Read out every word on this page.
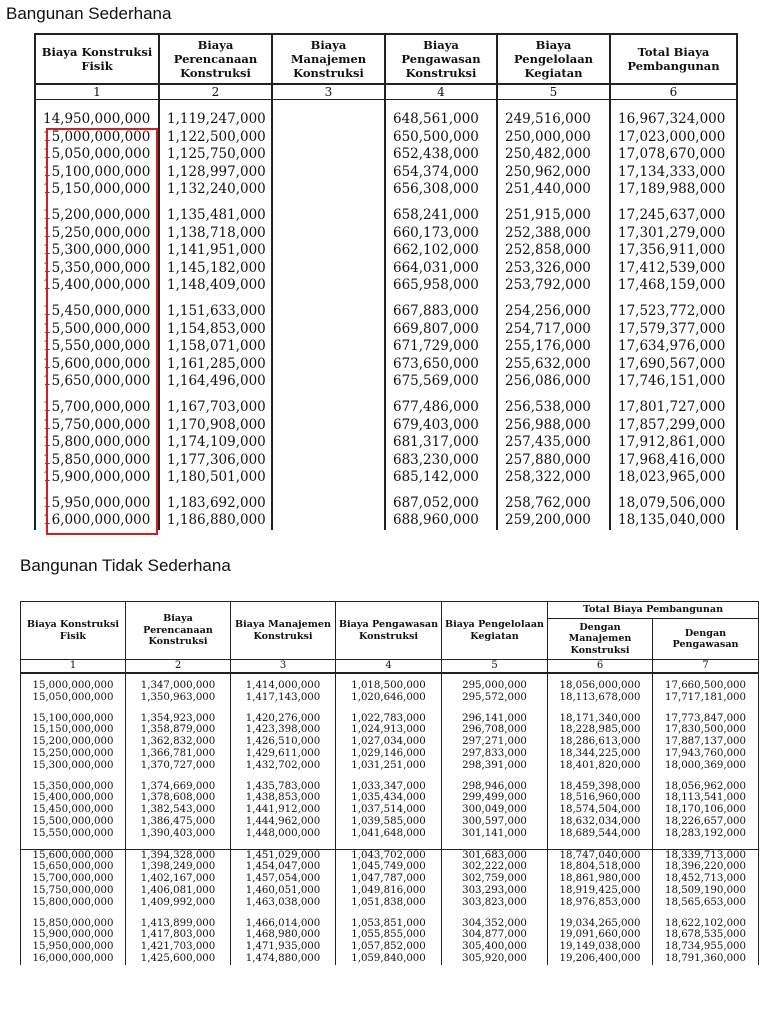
Bangunan Sederhana
Biaya Konstruksi Fisik	Biaya Perencanaan Konstruksi	Biaya Manajemen Konstruksi	Biaya Pengawasan Konstruksi	Biaya Pengelolaan Kegiatan	Total Biaya Pembangunan
1	2	3	4	5	6

14,950,000,000	1,119,247,000		648,561,000	249,516,000	16,967,324,000
15,000,000,000	1,122,500,000		650,500,000	250,000,000	17,023,000,000
15,050,000,000	1,125,750,000		652,438,000	250,482,000	17,078,670,000
15,100,000,000	1,128,997,000		654,374,000	250,962,000	17,134,333,000
15,150,000,000	1,132,240,000		656,308,000	251,440,000	17,189,988,000

15,200,000,000	1,135,481,000		658,241,000	251,915,000	17,245,637,000
15,250,000,000	1,138,718,000		660,173,000	252,388,000	17,301,279,000
15,300,000,000	1,141,951,000		662,102,000	252,858,000	17,356,911,000
15,350,000,000	1,145,182,000		664,031,000	253,326,000	17,412,539,000
15,400,000,000	1,148,409,000		665,958,000	253,792,000	17,468,159,000

15,450,000,000	1,151,633,000		667,883,000	254,256,000	17,523,772,000
15,500,000,000	1,154,853,000		669,807,000	254,717,000	17,579,377,000
15,550,000,000	1,158,071,000		671,729,000	255,176,000	17,634,976,000
15,600,000,000	1,161,285,000		673,650,000	255,632,000	17,690,567,000
15,650,000,000	1,164,496,000		675,569,000	256,086,000	17,746,151,000

15,700,000,000	1,167,703,000		677,486,000	256,538,000	17,801,727,000
15,750,000,000	1,170,908,000		679,403,000	256,988,000	17,857,299,000
15,800,000,000	1,174,109,000		681,317,000	257,435,000	17,912,861,000
15,850,000,000	1,177,306,000		683,230,000	257,880,000	17,968,416,000
15,900,000,000	1,180,501,000		685,142,000	258,322,000	18,023,965,000

15,950,000,000	1,183,692,000		687,052,000	258,762,000	18,079,506,000
16,000,000,000	1,186,880,000		688,960,000	259,200,000	18,135,040,000
Bangunan Tidak Sederhana
Biaya Konstruksi Fisik	Biaya Perencanaan Konstruksi	Biaya Manajemen Konstruksi	Biaya Pengawasan Konstruksi	Biaya Pengelolaan Kegiatan	Total Biaya Pembangunan	
					Dengan Manajemen Konstruksi	Dengan Pengawasan
1	2	3	4	5	6	7

15,000,000,000	1,347,000,000	1,414,000,000	1,018,500,000	295,000,000	18,056,000,000	17,660,500,000
15,050,000,000	1,350,963,000	1,417,143,000	1,020,646,000	295,572,000	18,113,678,000	17,717,181,000

15,100,000,000	1,354,923,000	1,420,276,000	1,022,783,000	296,141,000	18,171,340,000	17,773,847,000
15,150,000,000	1,358,879,000	1,423,398,000	1,024,913,000	296,708,000	18,228,985,000	17,830,500,000
15,200,000,000	1,362,832,000	1,426,510,000	1,027,034,000	297,271,000	18,286,613,000	17,887,137,000
15,250,000,000	1,366,781,000	1,429,611,000	1,029,146,000	297,833,000	18,344,225,000	17,943,760,000
15,300,000,000	1,370,727,000	1,432,702,000	1,031,251,000	298,391,000	18,401,820,000	18,000,369,000

15,350,000,000	1,374,669,000	1,435,783,000	1,033,347,000	298,946,000	18,459,398,000	18,056,962,000
15,400,000,000	1,378,608,000	1,438,853,000	1,035,434,000	299,499,000	18,516,960,000	18,113,541,000
15,450,000,000	1,382,543,000	1,441,912,000	1,037,514,000	300,049,000	18,574,504,000	18,170,106,000
15,500,000,000	1,386,475,000	1,444,962,000	1,039,585,000	300,597,000	18,632,034,000	18,226,657,000
15,550,000,000	1,390,403,000	1,448,000,000	1,041,648,000	301,141,000	18,689,544,000	18,283,192,000

15,600,000,000	1,394,328,000	1,451,029,000	1,043,702,000	301,683,000	18,747,040,000	18,339,713,000
15,650,000,000	1,398,249,000	1,454,047,000	1,045,749,000	302,222,000	18,804,518,000	18,396,220,000
15,700,000,000	1,402,167,000	1,457,054,000	1,047,787,000	302,759,000	18,861,980,000	18,452,713,000
15,750,000,000	1,406,081,000	1,460,051,000	1,049,816,000	303,293,000	18,919,425,000	18,509,190,000
15,800,000,000	1,409,992,000	1,463,038,000	1,051,838,000	303,823,000	18,976,853,000	18,565,653,000

15,850,000,000	1,413,899,000	1,466,014,000	1,053,851,000	304,352,000	19,034,265,000	18,622,102,000
15,900,000,000	1,417,803,000	1,468,980,000	1,055,855,000	304,877,000	19,091,660,000	18,678,535,000
15,950,000,000	1,421,703,000	1,471,935,000	1,057,852,000	305,400,000	19,149,038,000	18,734,955,000
16,000,000,000	1,425,600,000	1,474,880,000	1,059,840,000	305,920,000	19,206,400,000	18,791,360,000
